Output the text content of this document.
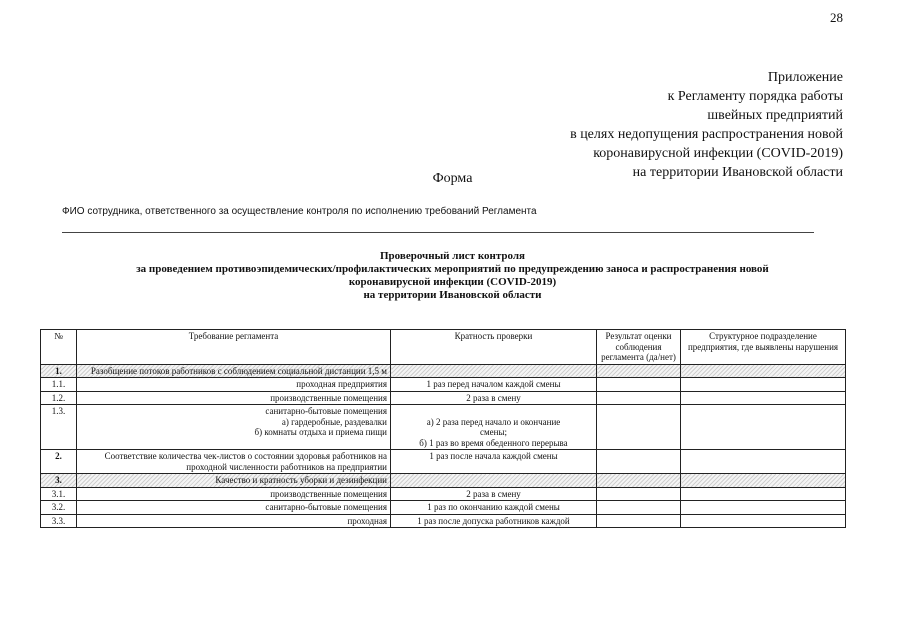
28
Приложение
к Регламенту порядка работы
швейных предприятий
в целях недопущения распространения новой
коронавирусной инфекции (COVID-2019)
на территории Ивановской области
Форма
ФИО сотрудника, ответственного за осуществление контроля по исполнению требований Регламента
Проверочный лист контроля
за проведением противоэпидемических/профилактических мероприятий по предупреждению заноса и распространения новой
коронавирусной инфекции (COVID-2019)
на территории Ивановской области
№	Требование регламента	Кратность проверки	Результат оценки соблюдения регламента (да/нет)	Структурное подразделение предприятия, где выявлены нарушения
1.	Разобщение потоков работников с соблюдением социальной дистанции 1,5 м			
1.1.	проходная предприятия	1 раз перед началом каждой смены		
1.2.	производственные помещения	2 раза в смену		
1.3.	санитарно-бытовые помещения
а) гардеробные, раздевалки
б) комнаты отдыха и приема пищи	а) 2 раза перед начало и окончание
смены;
б) 1 раз во время обеденного перерыва		

2.	Соответствие количества чек-листов о состоянии здоровья работников на проходной численности работников на предприятии	1 раз после начала каждой смены		
3.	Качество и кратность уборки и дезинфекции			
3.1.	производственные помещения	2 раза в смену		
3.2.	санитарно-бытовые помещения	1 раз по окончанию каждой смены		
3.3.	проходная	1 раз после допуска работников каждой		
